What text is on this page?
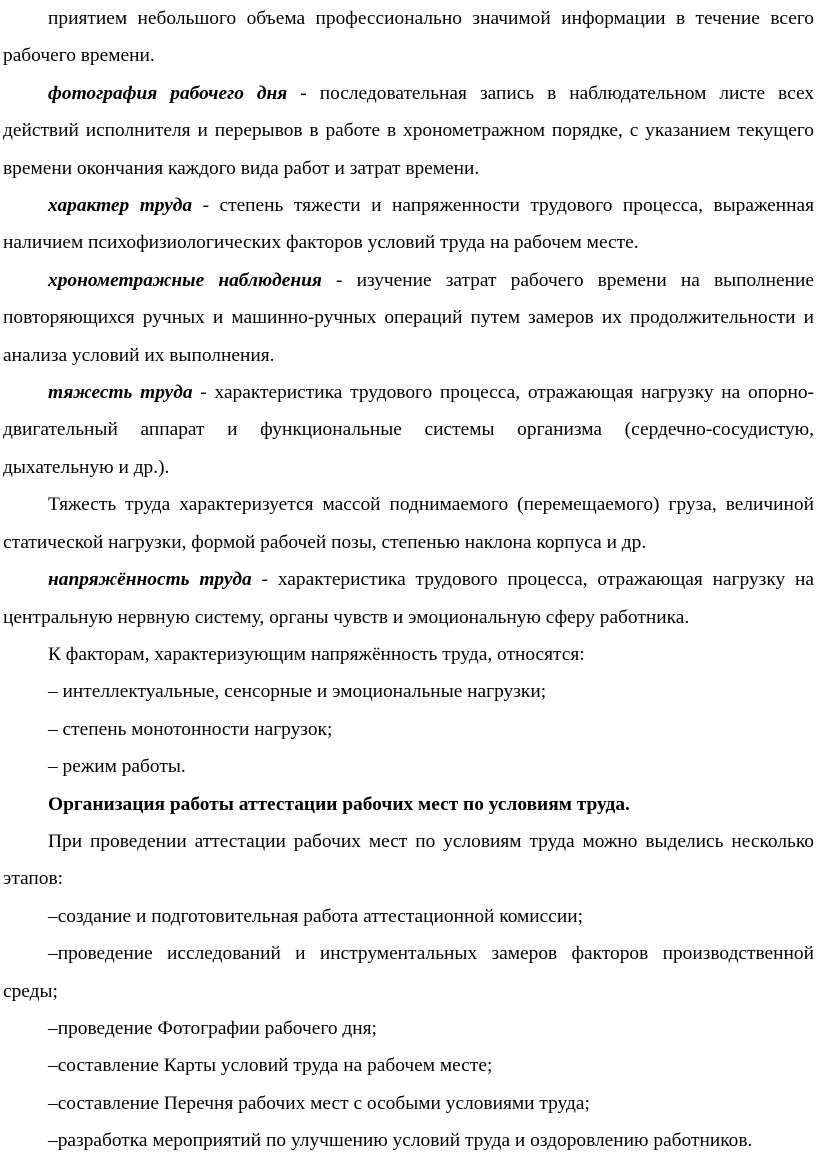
приятием небольшого объема профессионально значимой информации в течение всего рабочего времени.

фотография рабочего дня - последовательная запись в наблюдательном листе всех действий исполнителя и перерывов в работе в хронометражном порядке, с указанием текущего времени окончания каждого вида работ и затрат времени.

характер труда - степень тяжести и напряженности трудового процесса, выраженная наличием психофизиологических факторов условий труда на рабочем месте.

хронометражные наблюдения - изучение затрат рабочего времени на выполнение повторяющихся ручных и машинно-ручных операций путем замеров их продолжительности и анализа условий их выполнения.

тяжесть труда - характеристика трудового процесса, отражающая нагрузку на опорно-двигательный аппарат и функциональные системы организма (сердечно-сосудистую, дыхательную и др.).

Тяжесть труда характеризуется массой поднимаемого (перемещаемого) груза, величиной статической нагрузки, формой рабочей позы, степенью наклона корпуса и др.

напряжённость труда - характеристика трудового процесса, отражающая нагрузку на центральную нервную систему, органы чувств и эмоциональную сферу работника.

К факторам, характеризующим напряжённость труда, относятся:

– интеллектуальные, сенсорные и эмоциональные нагрузки;

– степень монотонности нагрузок;

– режим работы.

Организация работы аттестации рабочих мест по условиям труда.

При проведении аттестации рабочих мест по условиям труда можно выделись несколько этапов:

–создание и подготовительная работа аттестационной комиссии;

–проведение исследований и инструментальных замеров факторов производственной среды;

–проведение Фотографии рабочего дня;

–составление Карты условий труда на рабочем месте;

–составление Перечня рабочих мест с особыми условиями труда;

–разработка мероприятий по улучшению условий труда и оздоровлению работников.
